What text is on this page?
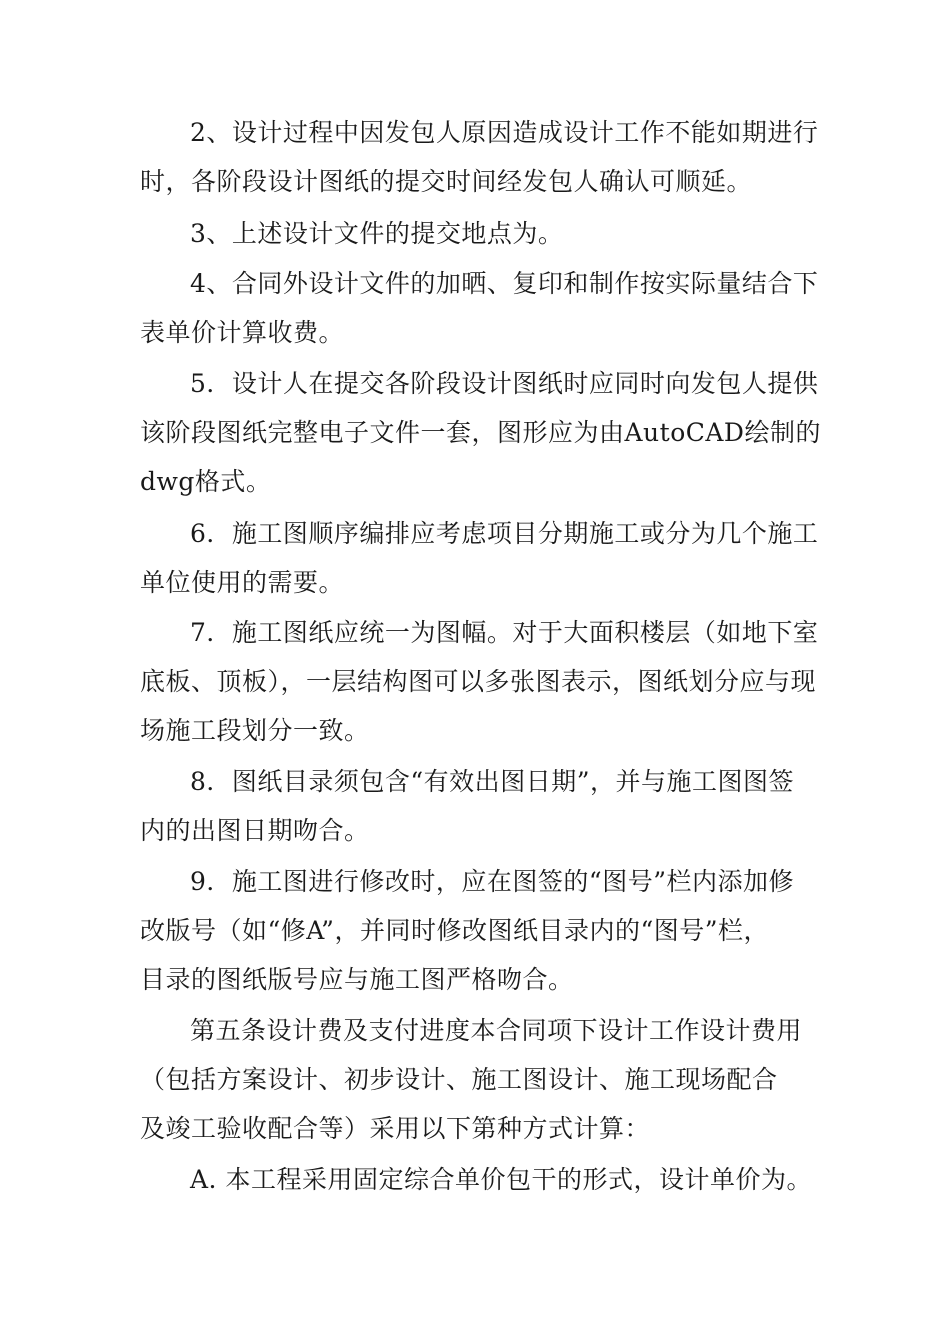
2、设计过程中因发包人原因造成设计工作不能如期进行
时，各阶段设计图纸的提交时间经发包人确认可顺延。

3、上述设计文件的提交地点为。

4、合同外设计文件的加晒、复印和制作按实际量结合下
表单价计算收费。

5．设计人在提交各阶段设计图纸时应同时向发包人提供
该阶段图纸完整电子文件一套，图形应为由AutoCAD绘制的
dwg格式。

6．施工图顺序编排应考虑项目分期施工或分为几个施工
单位使用的需要。

7．施工图纸应统一为图幅。对于大面积楼层（如地下室
底板、顶板），一层结构图可以多张图表示，图纸划分应与现
场施工段划分一致。

8．图纸目录须包含“有效出图日期”，并与施工图图签
内的出图日期吻合。

9．施工图进行修改时，应在图签的“图号”栏内添加修
改版号（如“修A”，并同时修改图纸目录内的“图号”栏，
目录的图纸版号应与施工图严格吻合。

第五条设计费及支付进度本合同项下设计工作设计费用
（包括方案设计、初步设计、施工图设计、施工现场配合
及竣工验收配合等）采用以下第种方式计算：

A. 本工程采用固定综合单价包干的形式，设计单价为。
